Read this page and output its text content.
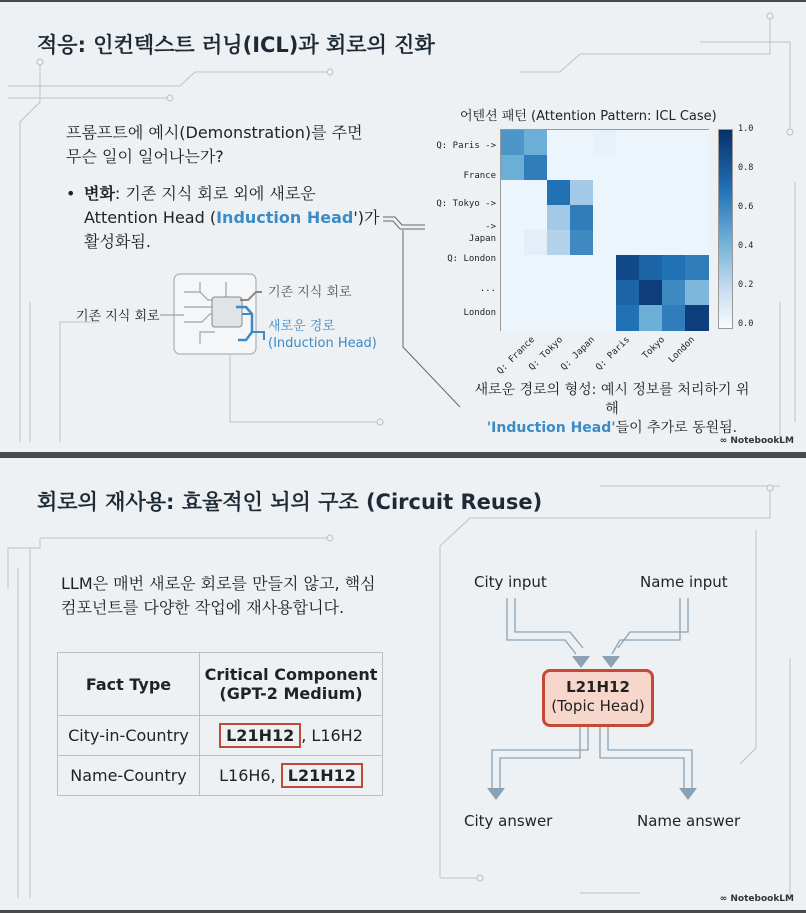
적응: 인컨텍스트 러닝(ICL)과 회로의 진화
프롬프트에 예시(Demonstration)를 주면
무슨 일이 일어나는가?
• 변화: 기존 지식 회로 외에 새로운
Attention Head (Induction Head')가
활성화됨.
기존 지식 회로
기존 지식 회로
새로운 경로
(Induction Head)
어텐션 패턴 (Attention Pattern: ICL Case)
Q: Paris ->
France
Q: Tokyo ->
->
Japan
Q: London
...
London
Q: France
Q: Tokyo
Q: Japan
Q: Paris Tokyo London
1.0
0.8
0.6
0.4
0.2
0.0
새로운 경로의 형성: 예시 정보를 처리하기 위해
'Induction Head'들이 추가로 동원됨.
∞ NotebookLM
회로의 재사용: 효율적인 뇌의 구조 (Circuit Reuse)
LLM은 매번 새로운 회로를 만들지 않고, 핵심
컴포넌트를 다양한 작업에 재사용합니다.
Fact Type	Critical Component
(GPT-2 Medium)

City-in-Country	L21H12 , L16H2
Name-Country	L16H6, L21H12
City input	Name input
L21H12
(Topic Head)
City answer	Name answer
∞ NotebookLM
